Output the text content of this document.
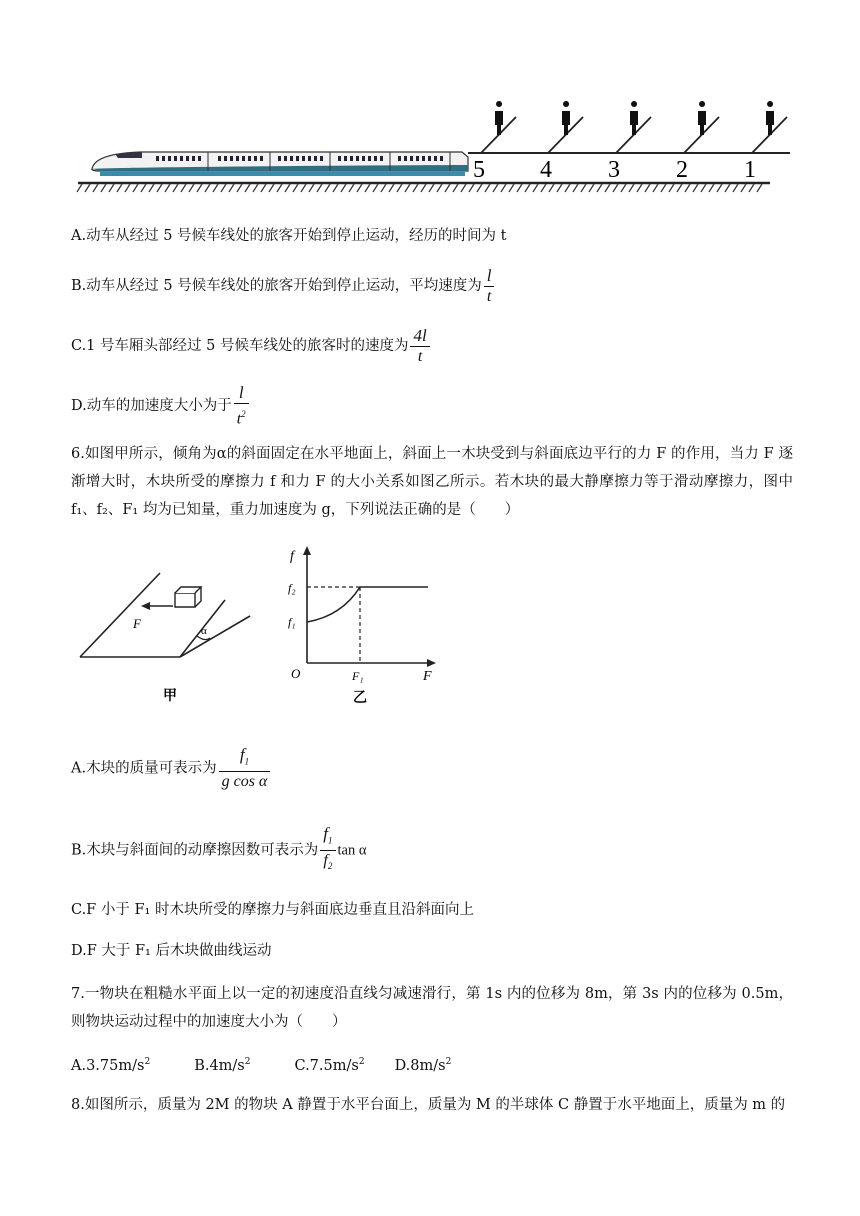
5 4 3 2 1
A.动车从经过 5 号候车线处的旅客开始到停止运动，经历的时间为 t
B.动车从经过 5 号候车线处的旅客开始到停止运动，平均速度为 $\frac{l}{t}$
C.1 号车厢头部经过 5 号候车线处的旅客时的速度为 $\frac{4l}{t}$
D.动车的加速度大小为于 $\frac{l}{t^2}$
6.如图甲所示，倾角为α的斜面固定在水平地面上，斜面上一木块受到与斜面底边平行的力 F 的作用，当力 F 逐渐增大时，木块所受的摩擦力 f 和力 F 的大小关系如图乙所示。若木块的最大静摩擦力等于滑动摩擦力，图中 f₁、f₂、F₁ 均为已知量，重力加速度为 g，下列说法正确的是（　　）
F	α
甲
f
F
O
f₂
f₁
F₁
乙
A.木块的质量可表示为 $\frac{f_1}{\text{g cos α}}$
B.木块与斜面间的动摩擦因数可表示为 $\frac{f_1}{f_2}$ tan α
C.F 小于 F₁ 时木块所受的摩擦力与斜面底边垂直且沿斜面向上
D.F 大于 F₁ 后木块做曲线运动
7.一物块在粗糙水平面上以一定的初速度沿直线匀减速滑行，第 1s 内的位移为 8m，第 3s 内的位移为 0.5m，则物块运动过程中的加速度大小为（　　）
$A.3.75m/s^2$	$B.4m/s^2$	$C.7.5m/s^2$ $D.8m/s^2$
8.如图所示，质量为 2M 的物块 A 静置于水平台面上，质量为 M 的半球体 C 静置于水平地面上，质量为 m 的
